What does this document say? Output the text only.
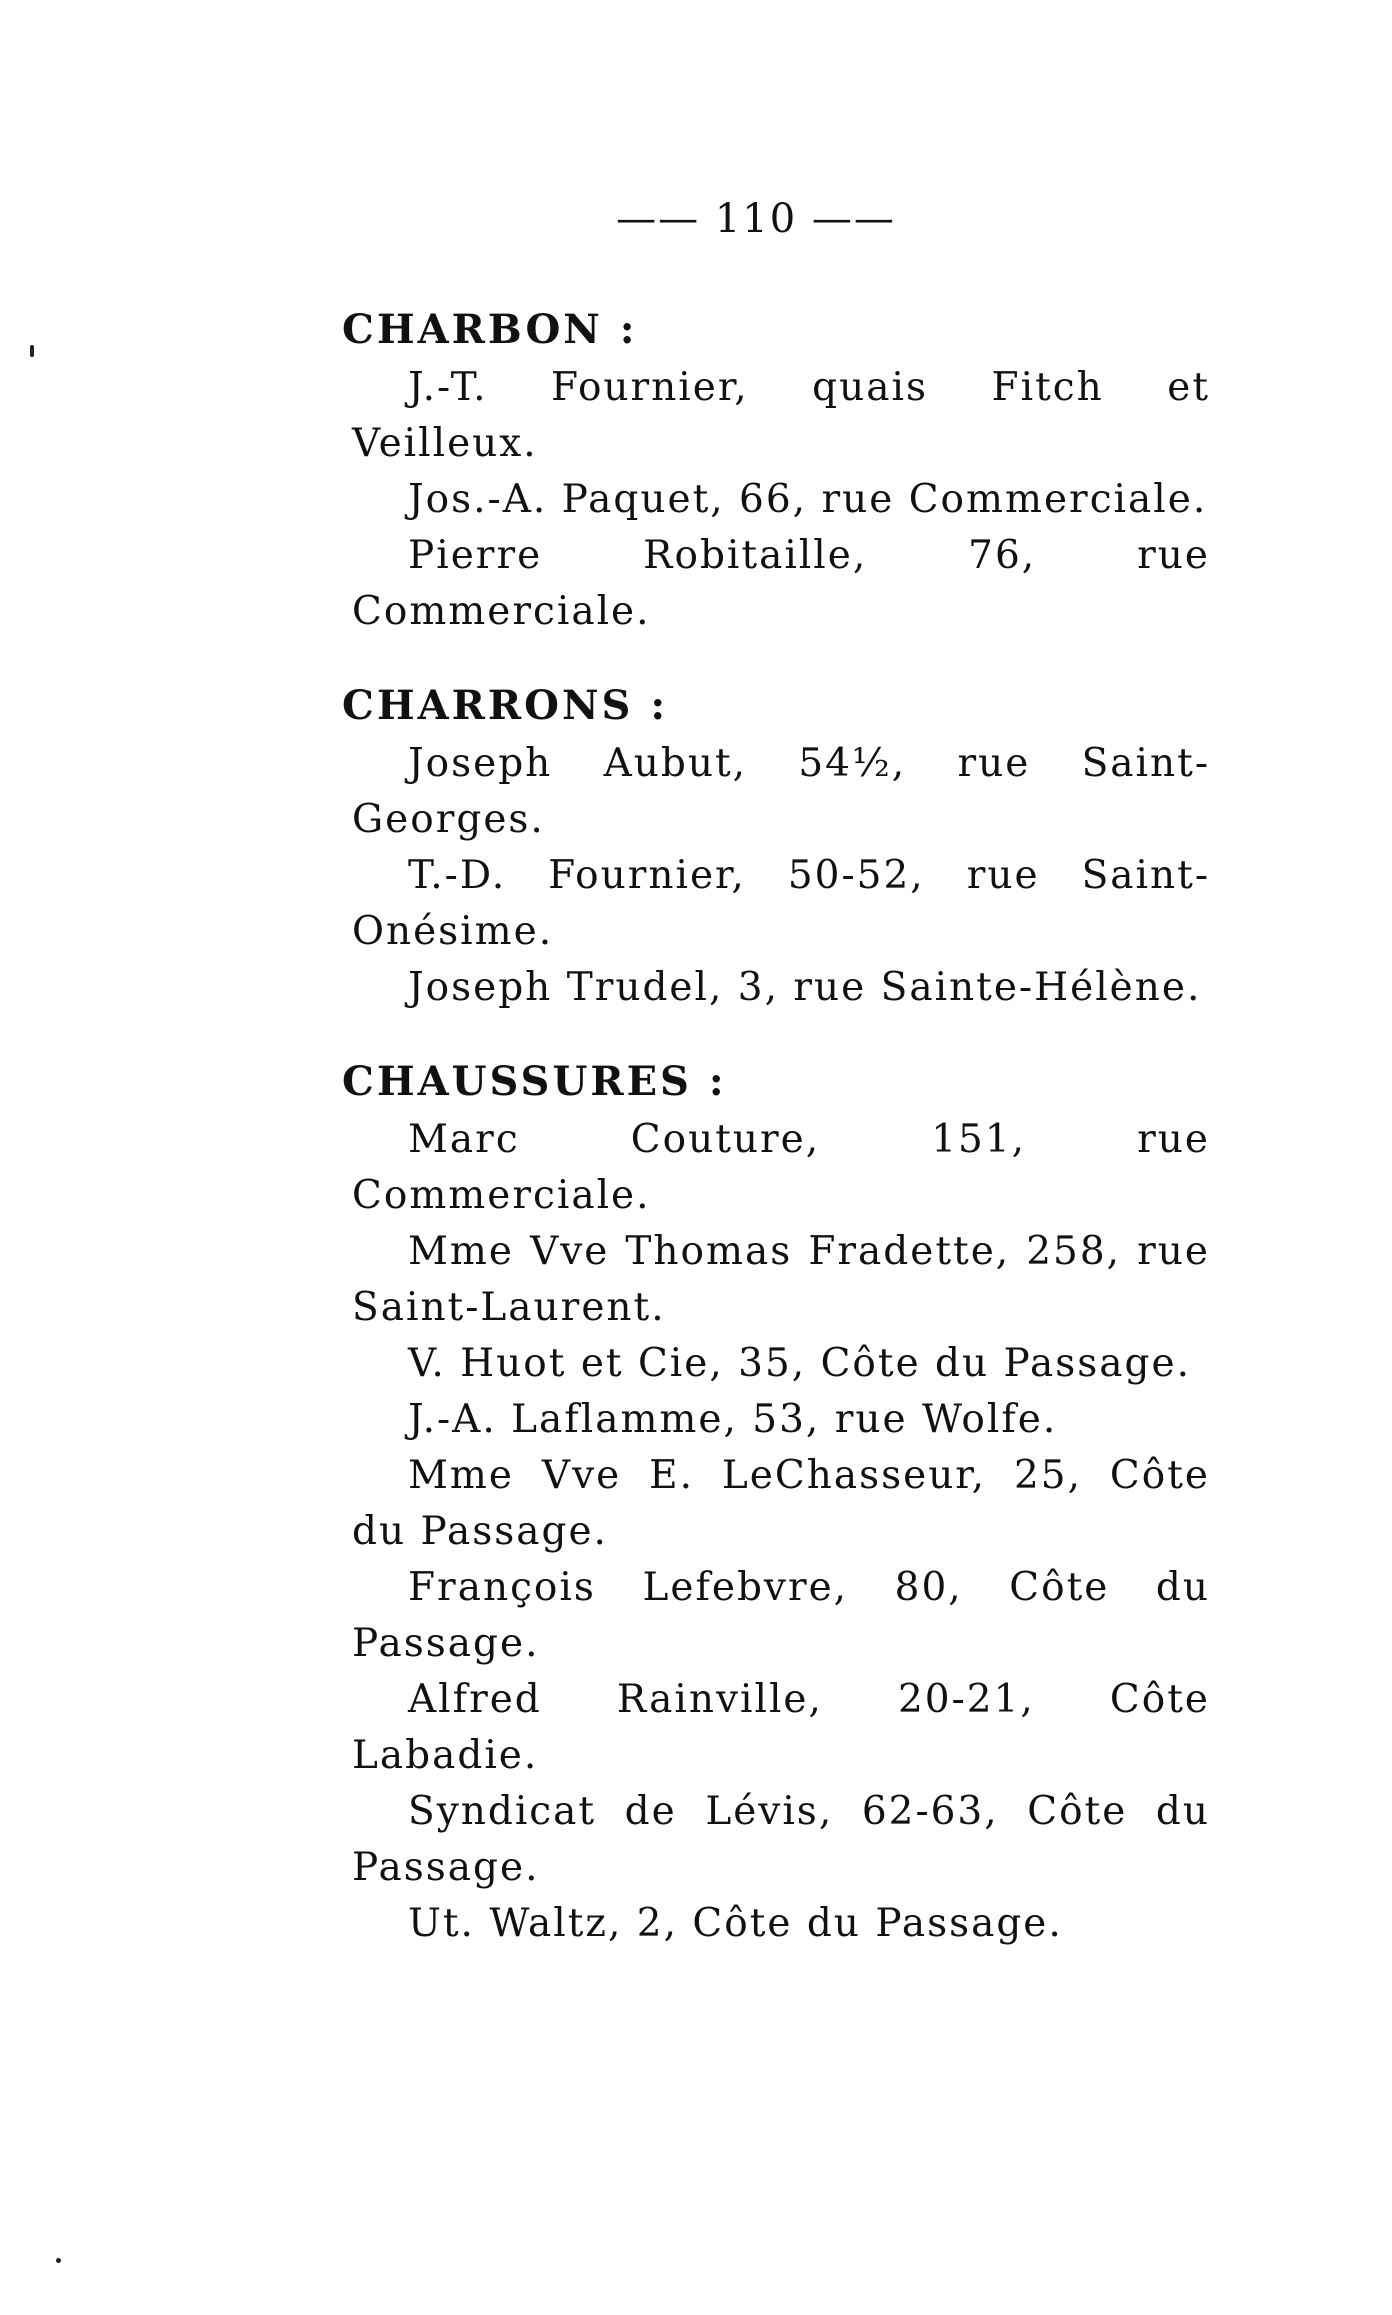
—— 110 ——
CHARBON :

J.-T. Fournier, quais Fitch et Veilleux.

Jos.-A. Paquet, 66, rue Commerciale.

Pierre Robitaille, 76, rue Commerciale.

CHARRONS :

Joseph Aubut, 54½, rue Saint-Georges.

T.-D. Fournier, 50-52, rue Saint-Onésime.

Joseph Trudel, 3, rue Sainte-Hélène.

CHAUSSURES :

Marc Couture, 151, rue Commerciale.

Mme Vve Thomas Fradette, 258, rue Saint-Laurent.

V. Huot et Cie, 35, Côte du Passage.

J.-A. Laflamme, 53, rue Wolfe.

Mme Vve E. LeChasseur, 25, Côte du Passage.

François Lefebvre, 80, Côte du Passage.

Alfred Rainville, 20-21, Côte Labadie.

Syndicat de Lévis, 62-63, Côte du Passage.

Ut. Waltz, 2, Côte du Passage.
